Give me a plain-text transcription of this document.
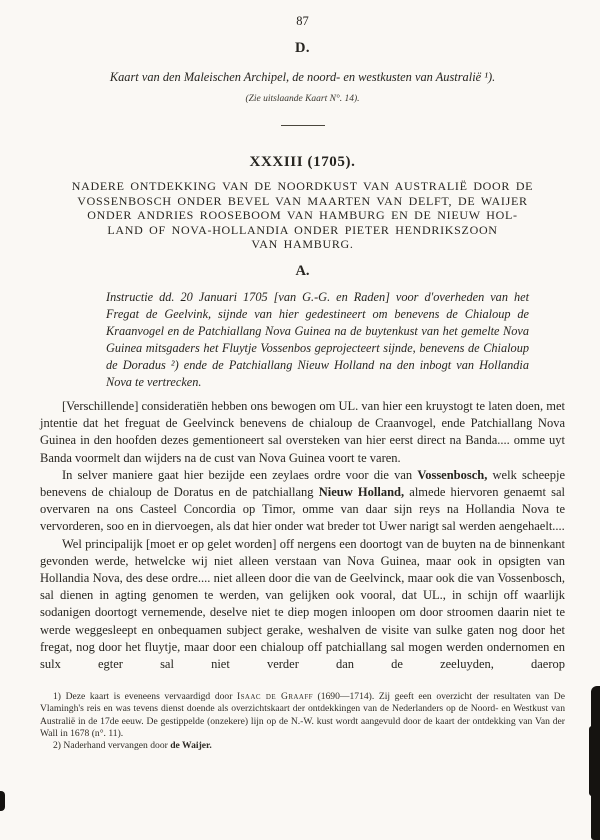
87
D.
Kaart van den Maleischen Archipel, de noord- en westkusten van Australië ¹).
(Zie uitslaande Kaart N°. 14).
XXXIII (1705).
NADERE ONTDEKKING VAN DE NOORDKUST VAN AUSTRALIË DOOR DE
VOSSENBOSCH ONDER BEVEL VAN MAARTEN VAN DELFT, DE WAIJER
ONDER ANDRIES ROOSEBOOM VAN HAMBURG EN DE NIEUW HOL-
LAND OF NOVA-HOLLANDIA ONDER PIETER HENDRIKSZOON
VAN HAMBURG.
A.

Instructie dd. 20 Januari 1705 [van G.-G. en Raden] voor d'overheden van het Fregat de Geelvink, sijnde van hier gedestineert om benevens de Chialoup de Kraanvogel en de Patchiallang Nova Guinea na de buytenkust van het gemelte Nova Guinea mitsgaders het Fluytje Vossenbos geprojecteert sijnde, benevens de Chialoup de Doradus ²) ende de Patchiallang Nieuw Holland na den inbogt van Hollandia Nova te vertrecken.

[Verschillende] consideratiën hebben ons bewogen om UL. van hier een kruystogt te laten doen, met jntentie dat het freguat de Geelvinck benevens de chialoup de Craanvogel, ende Patchiallang Nova Guinea in den hoofden dezes gementioneert sal oversteken van hier eerst direct na Banda.... omme uyt Banda voormelt dan wijders na de cust van Nova Guinea voort te varen.

In selver maniere gaat hier bezijde een zeylaes ordre voor die van Vossenbosch, welk scheepje benevens de chialoup de Doratus en de patchiallang Nieuw Holland, almede hiervoren genaemt sal overvaren na ons Casteel Concordia op Timor, omme van daar sijn reys na Hollandia Nova te vervorderen, soo en in diervoegen, als dat hier onder wat breder tot Uwer narigt sal werden aengehaelt....

Wel principalijk [moet er op gelet worden] off nergens een doortogt van de buyten na de binnenkant gevonden werde, hetwelcke wij niet alleen verstaan van Nova Guinea, maar ook in opsigten van Hollandia Nova, des dese ordre.... niet alleen door die van de Geelvinck, maar ook die van Vossenbosch, sal dienen in agting genomen te werden, van gelijken ook vooral, dat UL., in schijn off waarlijk sodanigen doortogt vernemende, deselve niet te diep mogen inloopen om door stroomen daarin niet te werde weggesleept en onbequamen subject gerake, weshalven de visite van sulke gaten nog door het fregat, nog door het fluytje, maar door een chialoup off patchiallang sal mogen werden ondernomen en sulx egter sal niet verder dan de zeeluyden, daerop

1) Deze kaart is eveneens vervaardigd door Isaac de Graaff (1690—1714). Zij geeft een overzicht der resultaten van De Vlamingh's reis en was tevens dienst doende als overzichtskaart der ontdekkingen van de Nederlanders op de Noord- en Westkust van Australië in de 17de eeuw. De gestippelde (onzekere) lijn op de N.-W. kust wordt aangevuld door de kaart der ontdekking van Van der Wall in 1678 (n°. 11).

2) Naderhand vervangen door de Waijer.
